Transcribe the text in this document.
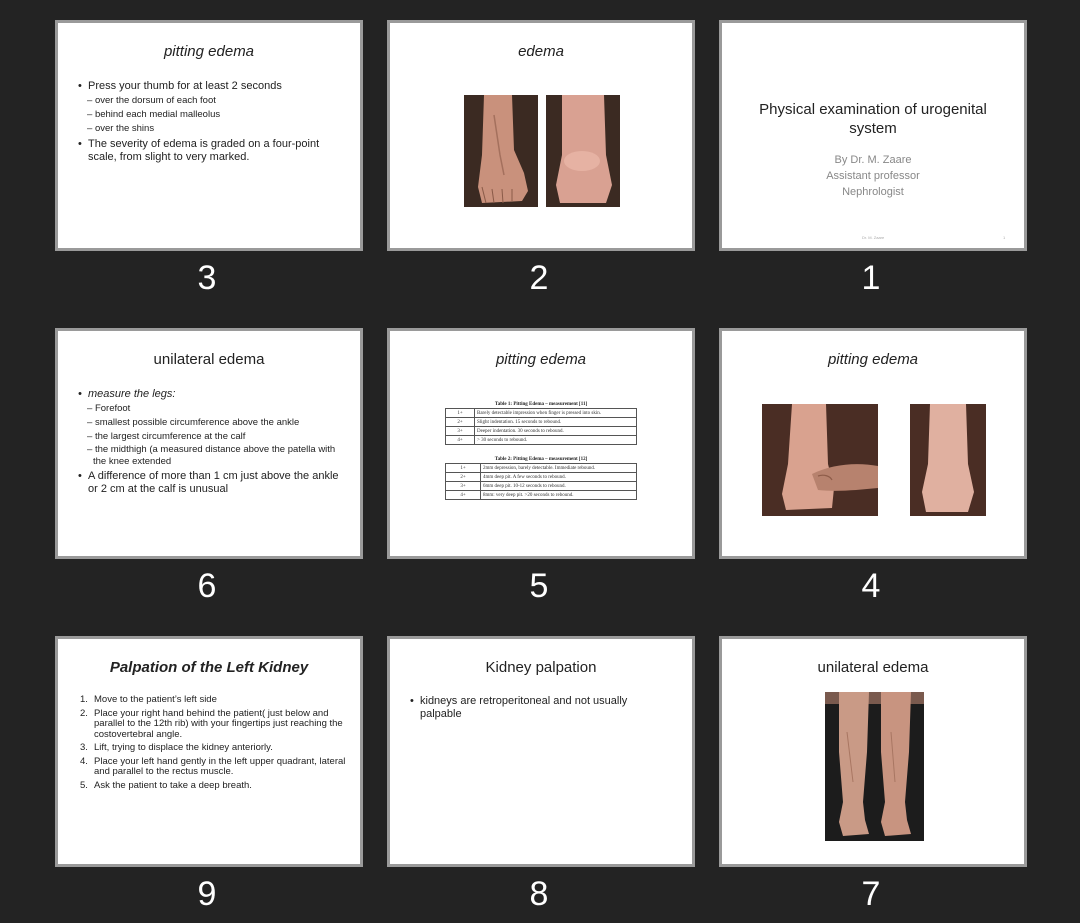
pitting edema
• Press your thumb for at least 2 seconds
– over the dorsum of each foot
– behind each medial malleolus
– over the shins
• The severity of edema is graded on a four-point scale, from slight to very marked.
3
edema
2
Physical examination of urogenital system
By Dr. M. Zaare
Assistant professor
Nephrologist
Dr. M. Zaare	1
1
unilateral edema
• measure the legs:
– Forefoot
– smallest possible circumference above the ankle
– the largest circumference at the calf
– the midthigh (a measured distance above the patella with the knee extended
• A difference of more than 1 cm just above the ankle or 2 cm at the calf is unusual
6
pitting edema
Table 1: Pitting Edema – measurement [11]
1+	Barely detectable impression when finger is pressed into skin.
2+	Slight indentation. 15 seconds to rebound.
3+	Deeper indentation. 30 seconds to rebound.
4+	> 30 seconds to rebound.
Table 2: Pitting Edema – measurement [12]
1+	2mm depression, barely detectable. Immediate rebound.
2+	4mm deep pit. A few seconds to rebound.
3+	6mm deep pit. 10-12 seconds to rebound.
4+	8mm: very deep pit. >20 seconds to rebound.
5
pitting edema
4
Palpation of the Left Kidney
1. Move to the patient’s left side
2. Place your right hand behind the patient( just below and parallel to the 12th rib) with your fingertips just reaching the costovertebral angle.
3. Lift, trying to displace the kidney anteriorly.
4. Place your left hand gently in the left upper quadrant, lateral and parallel to the rectus muscle.
5. Ask the patient to take a deep breath.
9
Kidney palpation
• kidneys are retroperitoneal and not usually palpable
8
unilateral edema
7
